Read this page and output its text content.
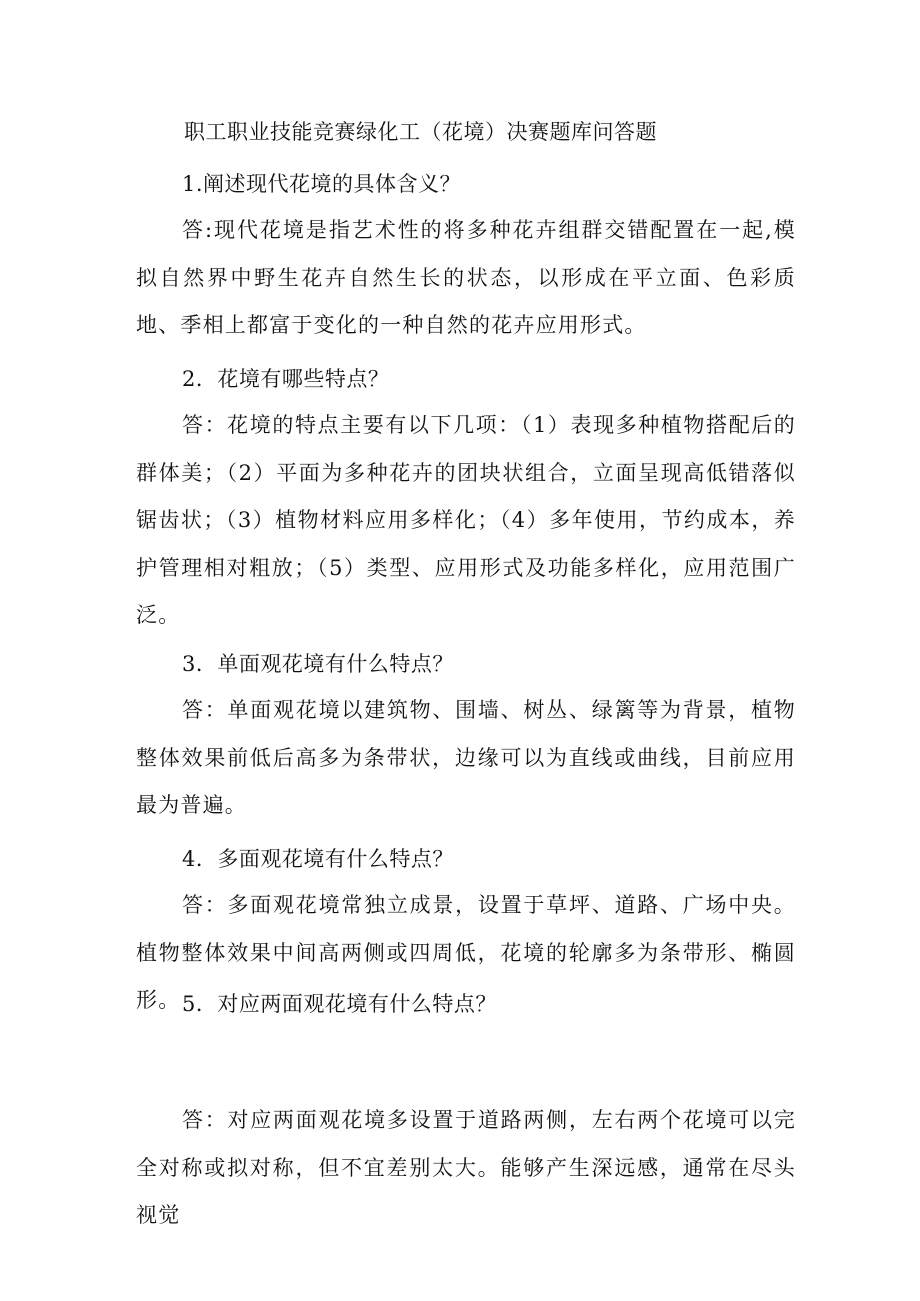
职工职业技能竞赛绿化工（花境）决赛题库问答题
1.阐述现代花境的具体含义？
答:现代花境是指艺术性的将多种花卉组群交错配置在一起,模拟自然界中野生花卉自然生长的状态，以形成在平立面、色彩质地、季相上都富于变化的一种自然的花卉应用形式。
2．花境有哪些特点？
答：花境的特点主要有以下几项：（1）表现多种植物搭配后的群体美；（2）平面为多种花卉的团块状组合，立面呈现高低错落似锯齿状；（3）植物材料应用多样化；（4）多年使用，节约成本，养护管理相对粗放；（5）类型、应用形式及功能多样化，应用范围广泛。
3．单面观花境有什么特点？
答：单面观花境以建筑物、围墙、树丛、绿篱等为背景，植物整体效果前低后高多为条带状，边缘可以为直线或曲线，目前应用最为普遍。
4．多面观花境有什么特点？
答：多面观花境常独立成景，设置于草坪、道路、广场中央。植物整体效果中间高两侧或四周低，花境的轮廓多为条带形、椭圆形。 5．对应两面观花境有什么特点？
答：对应两面观花境多设置于道路两侧，左右两个花境可以完全对称或拟对称，但不宜差别太大。能够产生深远感，通常在尽头视觉
